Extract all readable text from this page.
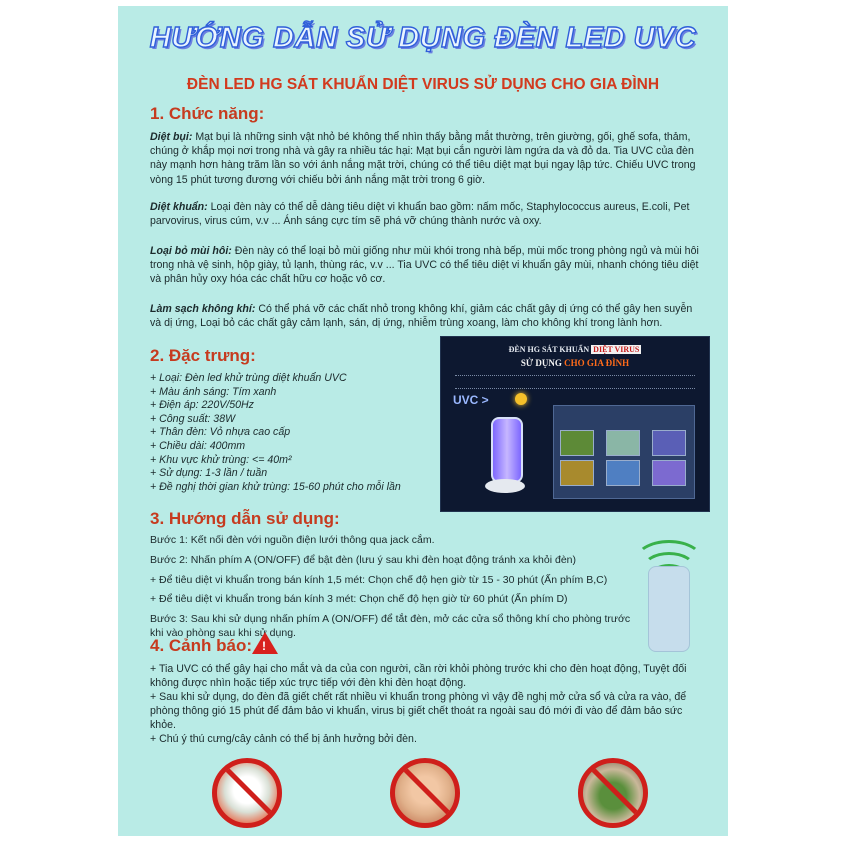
HƯỚNG DẪN SỬ DỤNG ĐÈN LED UVC
ĐÈN LED HG SÁT KHUẨN DIỆT VIRUS SỬ DỤNG CHO GIA ĐÌNH
1. Chức năng:
Diệt bụi: Mạt bụi là những sinh vật nhỏ bé không thể nhìn thấy bằng mắt thường, trên giường, gối, ghế sofa, thảm, chúng ở khắp mọi nơi trong nhà và gây ra nhiều tác hại: Mạt bụi cắn người làm ngứa da và đỏ da. Tia UVC của đèn này mạnh hơn hàng trăm lần so với ánh nắng mặt trời, chúng có thể tiêu diệt mạt bụi ngay lập tức. Chiếu UVC trong vòng 15 phút tương đương với chiếu bởi ánh nắng mặt trời trong 6 giờ.
Diệt khuẩn: Loại đèn này có thể dễ dàng tiêu diệt vi khuẩn bao gồm: nấm mốc, Staphylococcus aureus, E.coli, Pet parvovirus, virus cúm, v.v ... Ánh sáng cực tím sẽ phá vỡ chúng thành nước và oxy.
Loại bỏ mùi hôi: Đèn này có thể loại bỏ mùi giống như mùi khói trong nhà bếp, mùi mốc trong phòng ngủ và mùi hôi trong nhà vệ sinh, hộp giày, tủ lạnh, thùng rác, v.v ... Tia UVC có thể tiêu diệt vi khuẩn gây mùi, nhanh chóng tiêu diệt và phân hủy oxy hóa các chất hữu cơ hoặc vô cơ.
Làm sạch không khí: Có thể phá vỡ các chất nhỏ trong không khí, giảm các chất gây dị ứng có thể gây hen suyễn và dị ứng, Loại bỏ các chất gây cảm lạnh, sán, dị ứng, nhiễm trùng xoang, làm cho không khí trong lành hơn.
2. Đặc trưng:
+ Loại: Đèn led khử trùng diệt khuẩn UVC
+ Màu ánh sáng: Tím xanh
+ Điện áp: 220V/50Hz
+ Công suất: 38W
+ Thân đèn: Vỏ nhựa cao cấp
+ Chiều dài: 400mm
+ Khu vực khử trùng: <= 40m²
+ Sử dụng: 1-3 lần / tuần
+ Đề nghị thời gian khử trùng: 15-60 phút cho mỗi lần
ĐÈN HG SÁT KHUẨN DIỆT VIRUS
SỬ DỤNG CHO GIA ĐÌNH
UVC >
3. Hướng dẫn sử dụng:
Bước 1: Kết nối đèn với nguồn điện lưới thông qua jack cắm.
Bước 2: Nhấn phím A (ON/OFF) để bật đèn (lưu ý sau khi đèn hoạt động tránh xa khỏi đèn)
+ Để tiêu diệt vi khuẩn trong bán kính 1,5 mét: Chọn chế độ hẹn giờ từ 15 - 30 phút (Ấn phím B,C)
+ Để tiêu diệt vi khuẩn trong bán kính 3 mét: Chọn chế độ hẹn giờ từ 60 phút (Ấn phím D)
Bước 3: Sau khi sử dụng nhấn phím A (ON/OFF) để tắt đèn, mở các cửa sổ thông khí cho phòng trước khi vào phòng sau khi sử dụng.
4. Cảnh báo: !
+ Tia UVC có thể gây hại cho mắt và da của con người, cần rời khỏi phòng trước khi cho đèn hoạt động, Tuyệt đối không được nhìn hoặc tiếp xúc trực tiếp với đèn khi đèn hoạt động.
+ Sau khi sử dụng, do đèn đã giết chết rất nhiều vi khuẩn trong phòng vì vậy đề nghị mở cửa sổ và cửa ra vào, để phòng thông gió 15 phút để đảm bảo vi khuẩn, virus bị giết chết thoát ra ngoài sau đó mới đi vào để đảm bảo sức khỏe.
+ Chú ý thú cưng/cây cảnh có thể bị ảnh hưởng bởi đèn.
